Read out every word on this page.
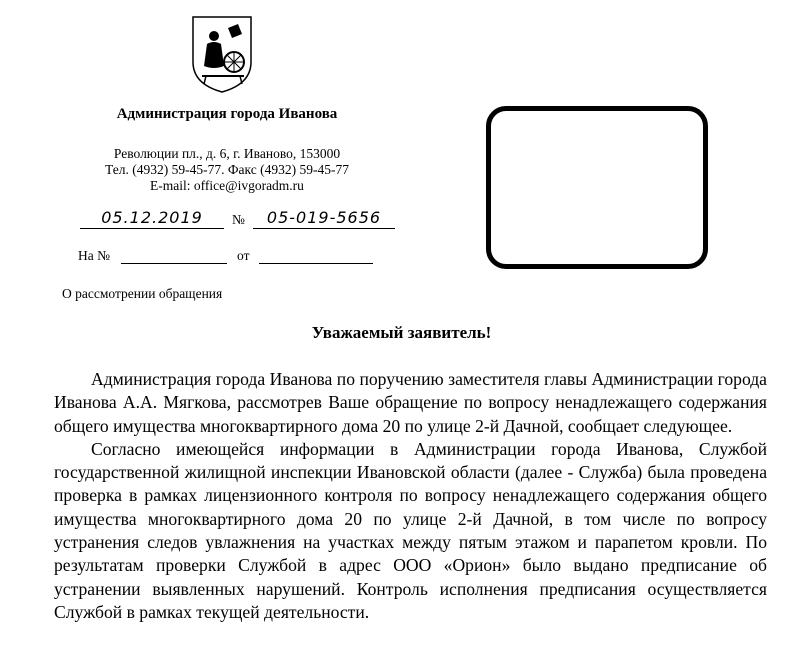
Администрация города Иванова
Революции пл., д. 6, г. Иваново, 153000
Тел. (4932) 59-45-77. Факс (4932) 59-45-77
E-mail: office@ivgoradm.ru
05.12.2019	№	05-019-5656
На №	от
О рассмотрении обращения
Уважаемый заявитель!

Администрация города Иванова по поручению заместителя главы Администрации города Иванова А.А. Мягкова, рассмотрев Ваше обращение по вопросу ненадлежащего содержания общего имущества многоквартирного дома 20 по улице 2-й Дачной, сообщает следующее.

Согласно имеющейся информации в Администрации города Иванова, Службой государственной жилищной инспекции Ивановской области (далее - Служба) была проведена проверка в рамках лицензионного контроля по вопросу ненадлежащего содержания общего имущества многоквартирного дома 20 по улице 2-й Дачной, в том числе по вопросу устранения следов увлажнения на участках между пятым этажом и парапетом кровли. По результатам проверки Службой в адрес ООО «Орион» было выдано предписание об устранении выявленных нарушений. Контроль исполнения предписания осуществляется Службой в рамках текущей деятельности.
